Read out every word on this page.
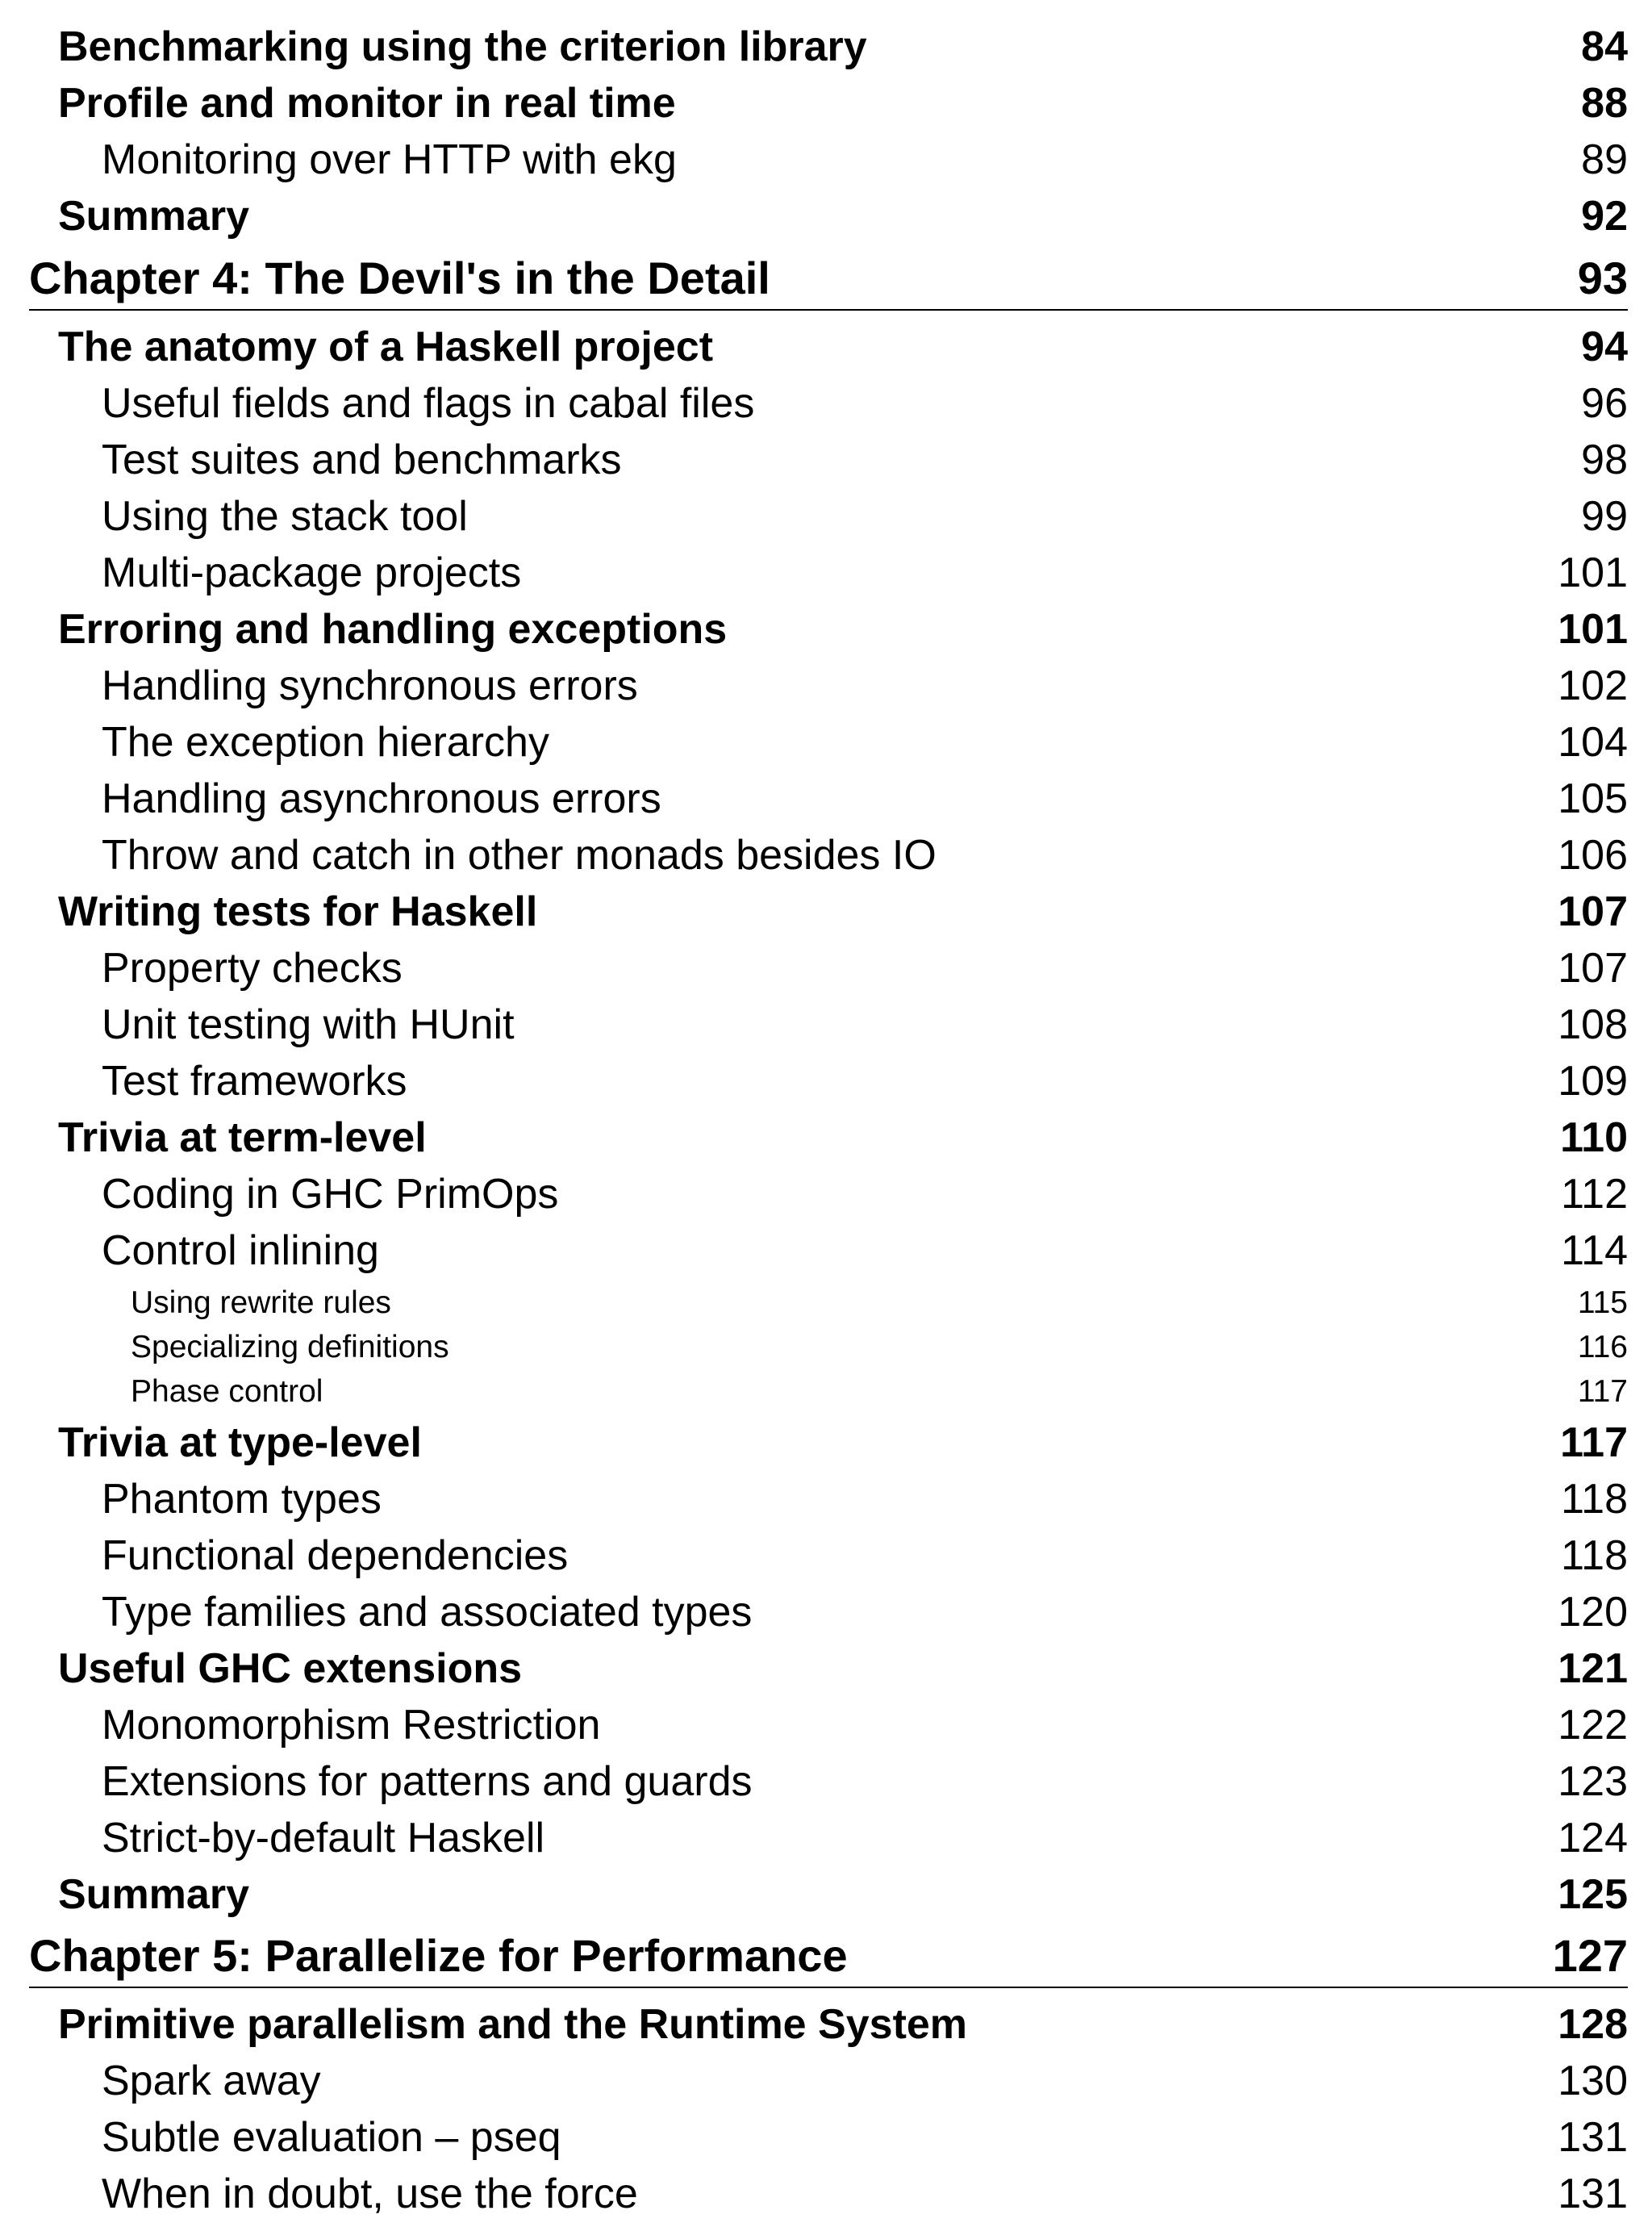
Benchmarking using the criterion library	84
Profile and monitor in real time	88
Monitoring over HTTP with ekg	89
Summary	92
Chapter 4: The Devil's in the Detail	93
The anatomy of a Haskell project	94
Useful fields and flags in cabal files	96
Test suites and benchmarks	98
Using the stack tool	99
Multi-package projects	101
Erroring and handling exceptions	101
Handling synchronous errors	102
The exception hierarchy	104
Handling asynchronous errors	105
Throw and catch in other monads besides IO	106
Writing tests for Haskell	107
Property checks	107
Unit testing with HUnit	108
Test frameworks	109
Trivia at term-level	110
Coding in GHC PrimOps	112
Control inlining	114
Using rewrite rules	115
Specializing definitions	116
Phase control	117
Trivia at type-level	117
Phantom types	118
Functional dependencies	118
Type families and associated types	120
Useful GHC extensions	121
Monomorphism Restriction	122
Extensions for patterns and guards	123
Strict-by-default Haskell	124
Summary	125
Chapter 5: Parallelize for Performance	127
Primitive parallelism and the Runtime System	128
Spark away	130
Subtle evaluation – pseq	131
When in doubt, use the force	131
